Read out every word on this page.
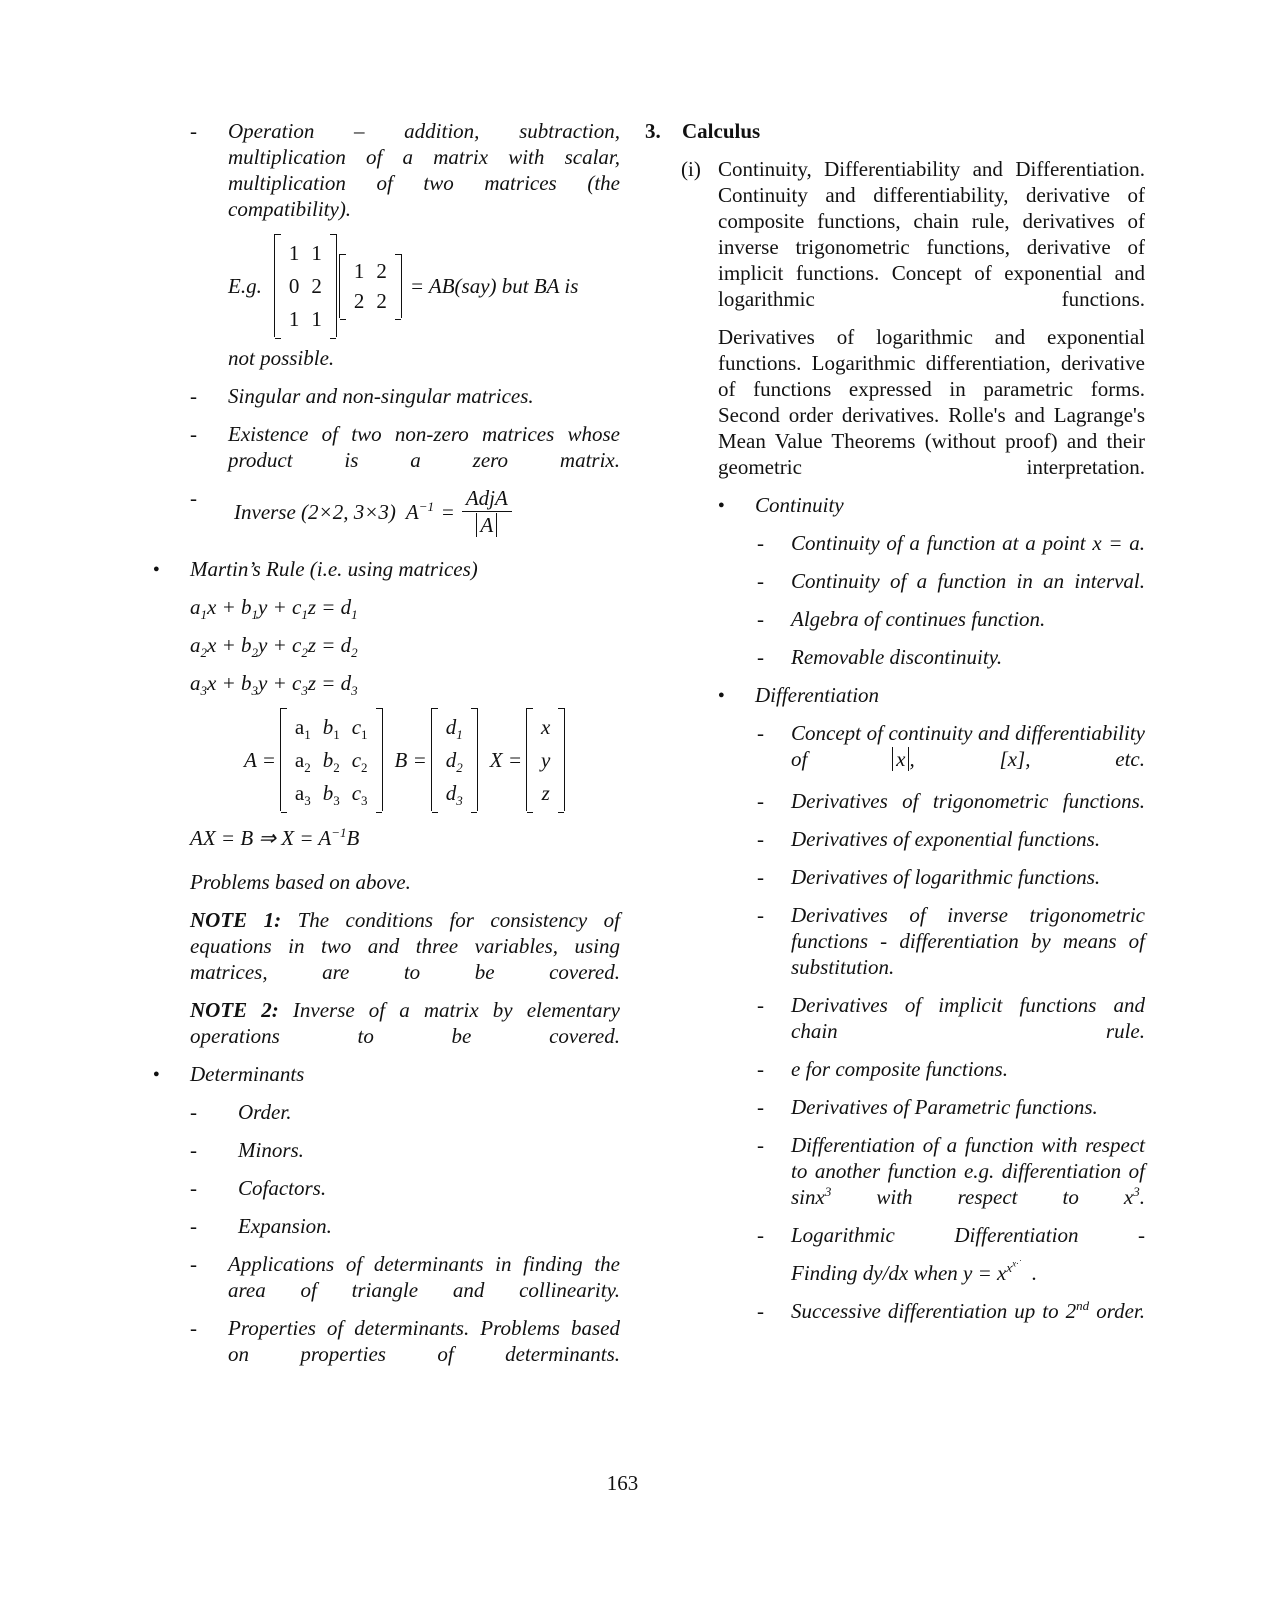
- Operation – addition, subtraction, multiplication of a matrix with scalar, multiplication of two matrices (the compatibility).
E.g.
1	1
0	2
1	1
1	2
2	2
= AB(say) but BA is
not possible.
- Singular and non-singular matrices.
- Existence of two non-zero matrices whose product is a zero matrix.
- Inverse (2×2, 3×3) $A^{-1} = \frac{\text{AdjA}}{A}$
● Martin’s Rule (i.e. using matrices)
$a_1x + b_1y + c_1z = d_1$
$a_2x + b_2y + c_2z = d_2$
$a_3x + b_3y + c_3z = d_3$
A =
$a_1$	$b_1$	$c_1$
$a_2$	$b_2$	$c_2$
$a_3$	$b_3$	$c_3$
B =
$d_1$
$d_2$
$d_3$
X =
x
y
z
AX = B ⇒ $X = A^{-1}B$
Problems based on above.
NOTE 1: The conditions for consistency of equations in two and three variables, using matrices, are to be covered.
NOTE 2: Inverse of a matrix by elementary operations to be covered.
● Determinants
- Order.
- Minors.
- Cofactors.
- Expansion.
- Applications of determinants in finding the area of triangle and collinearity.
- Properties of determinants. Problems based on properties of determinants.
3. Calculus
(i) Continuity, Differentiability and Differentiation. Continuity and differentiability, derivative of composite functions, chain rule, derivatives of inverse trigonometric functions, derivative of implicit functions. Concept of exponential and logarithmic functions.
Derivatives of logarithmic and exponential functions. Logarithmic differentiation, derivative of functions expressed in parametric forms. Second order derivatives. Rolle's and Lagrange's Mean Value Theorems (without proof) and their geometric interpretation.
● Continuity
- Continuity of a function at a point x = a.
- Continuity of a function in an interval.
- Algebra of continues function.
- Removable discontinuity.
● Differentiation
- Concept of continuity and differentiability of	x , [x], etc.
- Derivatives of trigonometric functions.
- Derivatives of exponential functions.
- Derivatives of logarithmic functions.
- Derivatives of inverse trigonometric functions - differentiation by means of substitution.
- Derivatives of implicit functions and chain rule.
- e for composite functions.
- Derivatives of Parametric functions.
- Differentiation of a function with respect to another function e.g. differentiation of sinx$^3$ with respect to $x^3$.
- Logarithmic Differentiation -
Finding dy/dx when $y = x^{x^{x\cdot˙}}$ .
- Successive differentiation up to 2nd order.
163
